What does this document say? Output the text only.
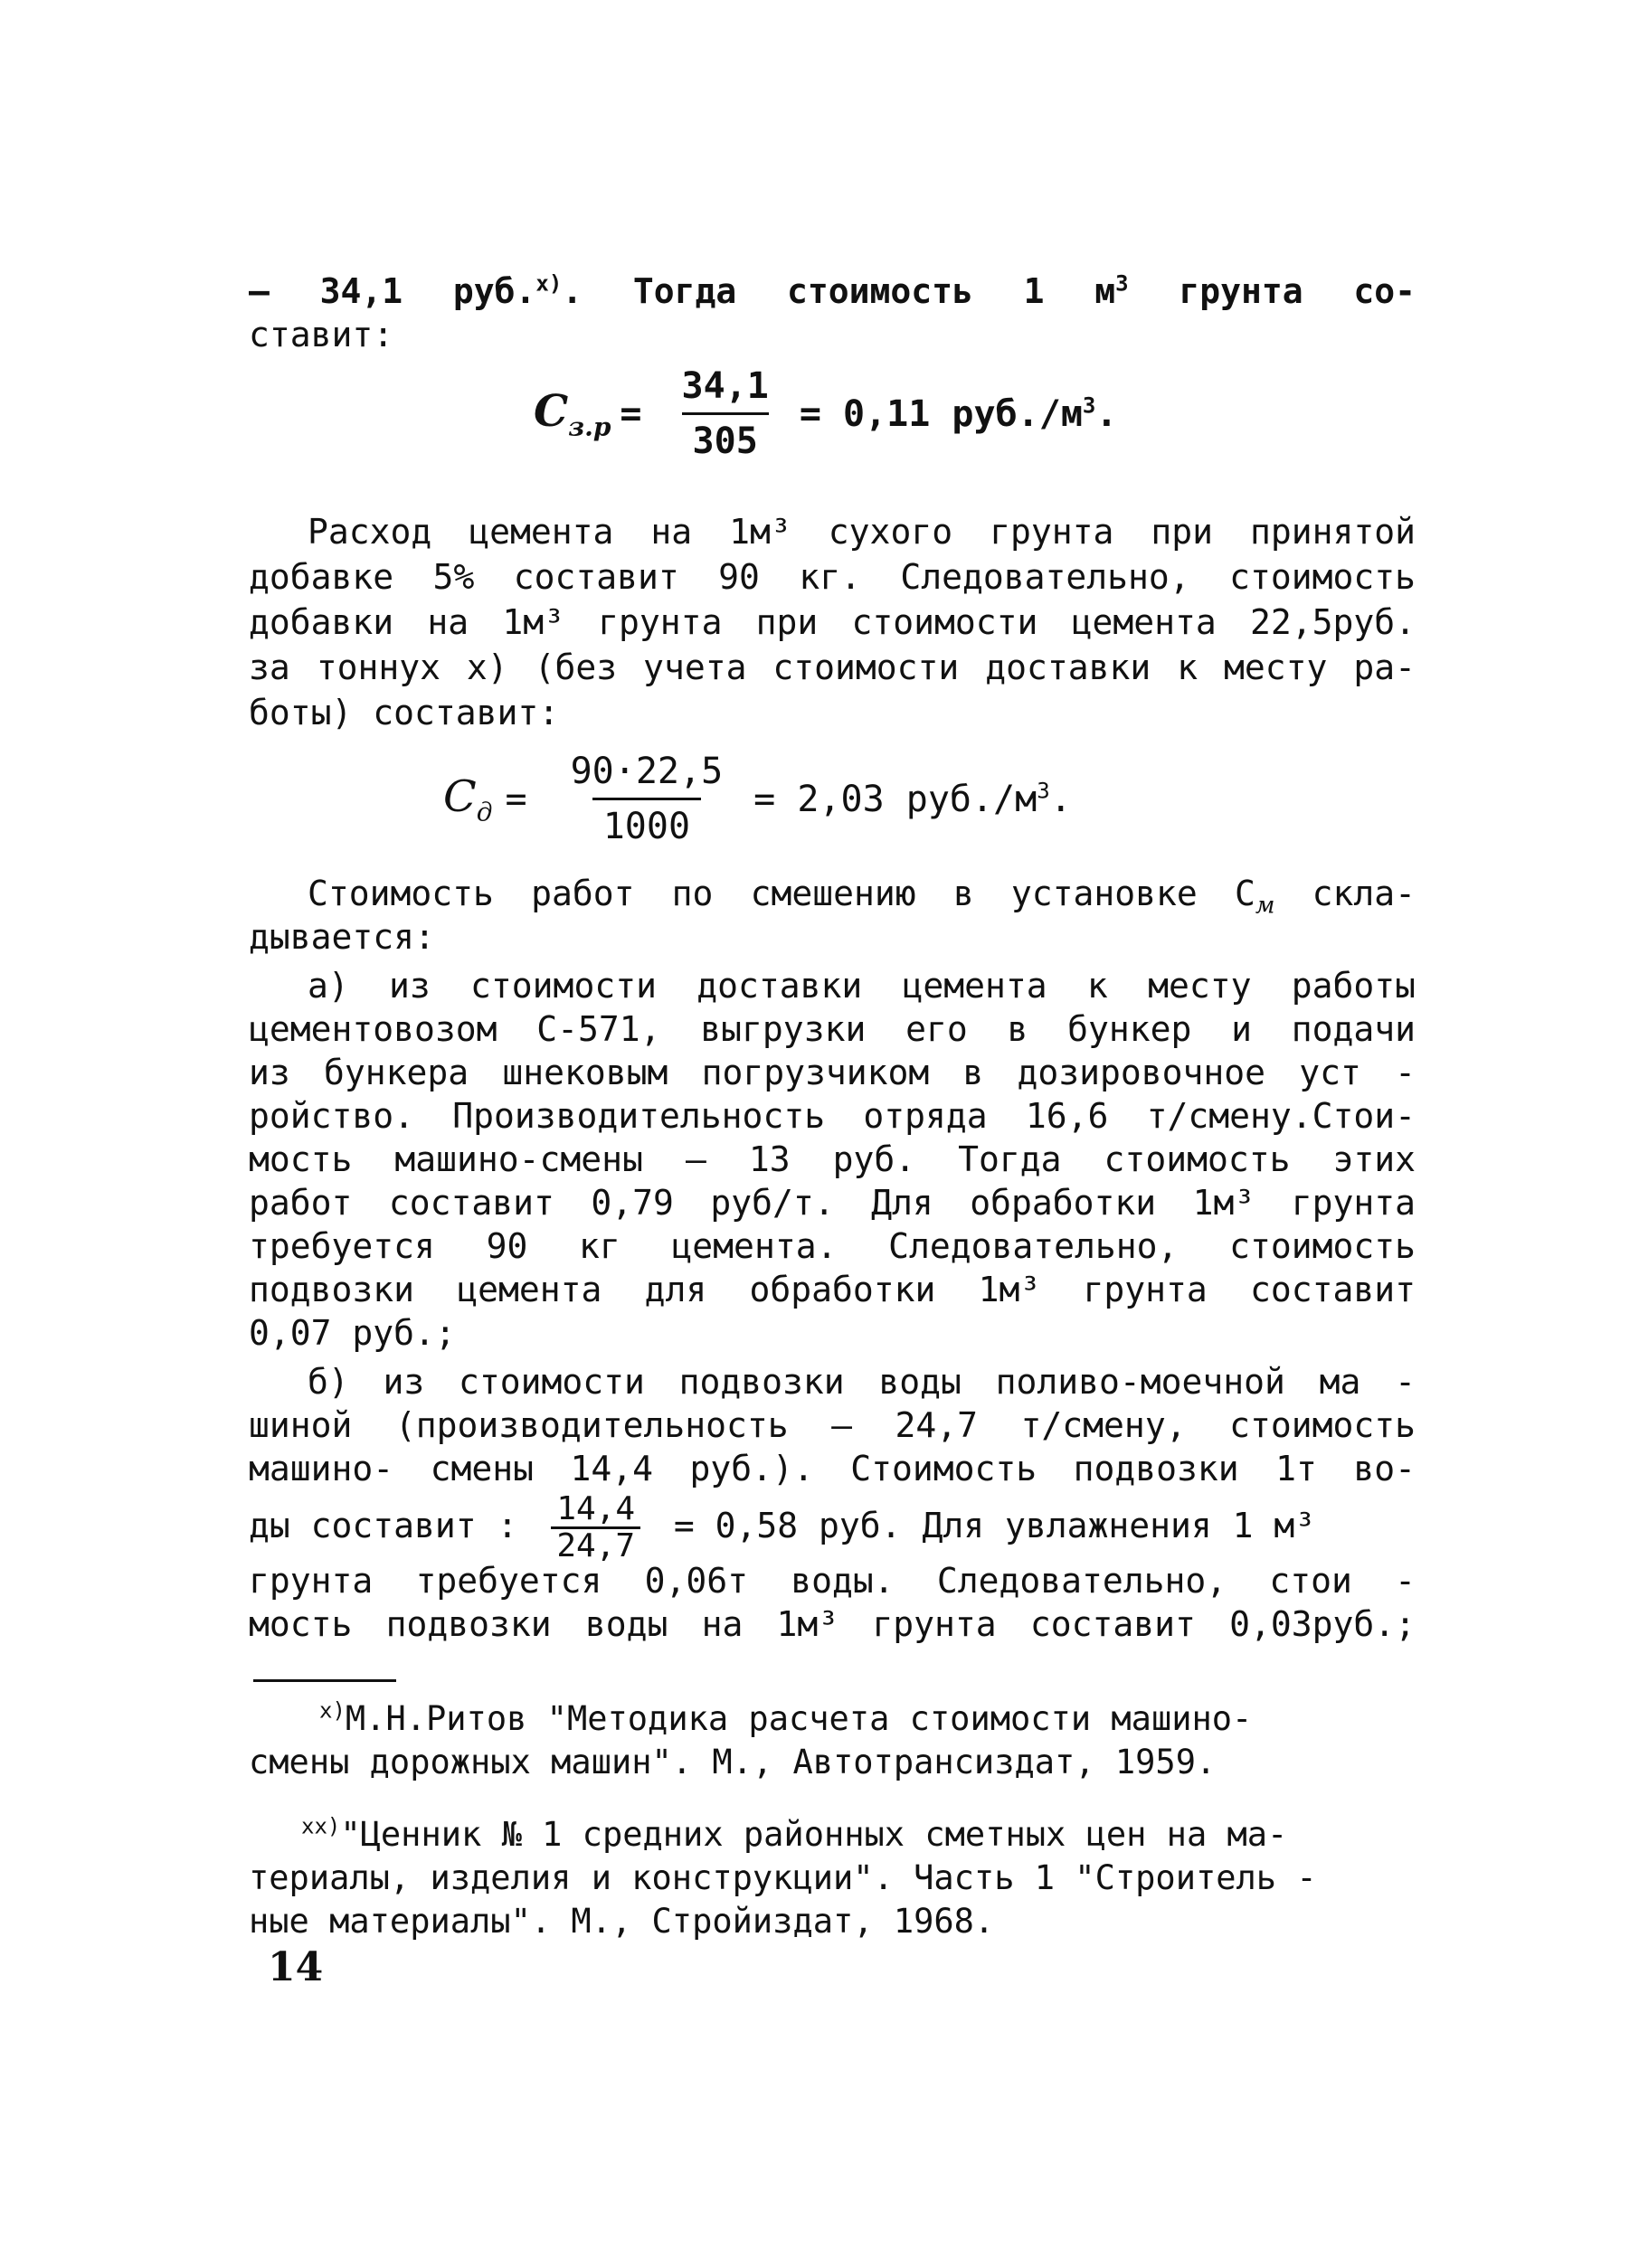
– 34,1 руб.$^{х)}$. Тогда стоимость 1 $м^3$ грунта со-
ставит:
$C_{з.р} = \frac{34,1}{305} = 0,11$ $руб./м^3$.
Расход цемента на 1м³ сухого грунта при принятой
добавке 5% составит 90 кг. Следовательно, стоимость
добавки на 1м³ грунта при стоимости цемента 22,5руб.
за тоннух х) (без учета стоимости доставки к месту ра-
боты) составит:
$C_д = \frac{90\cdot 22,5}{1000} = 2,03$ $руб./м^3$.
Стоимость работ по смешению в установке $C_м$ скла-
дывается:
а) из стоимости доставки цемента к месту работы
цементовозом С-571, выгрузки его в бункер и подачи
из бункера шнековым погрузчиком в дозировочное уст -
ройство. Производительность отряда 16,6 т/смену.Стои-
мость машино-смены – 13 руб. Тогда стоимость этих
работ составит 0,79 руб/т. Для обработки 1м³ грунта
требуется 90 кг цемента. Следовательно, стоимость
подвозки цемента для обработки 1м³ грунта составит
0,07 руб.;
б) из стоимости подвозки воды поливо-моечной ма -
шиной (производительность – 24,7 т/смену, стоимость
машино- смены 14,4 руб.). Стоимость подвозки 1т во-
ды составит : $\frac{14,4}{24,7} = 0,58$ руб. Для увлажнения 1 м³
грунта требуется 0,06т воды. Следовательно, стои -
мость подвозки воды на 1м³ грунта составит 0,03руб.;
$^{х)}$М.Н.Ритов "Методика расчета стоимости машино-
смены дорожных машин". М., Автотрансиздат, 1959.
$^{хх)}$"Ценник № 1 средних районных сметных цен на ма-
териалы, изделия и конструкции". Часть 1 "Строитель -
ные материалы". М., Стройиздат, 1968.
14
